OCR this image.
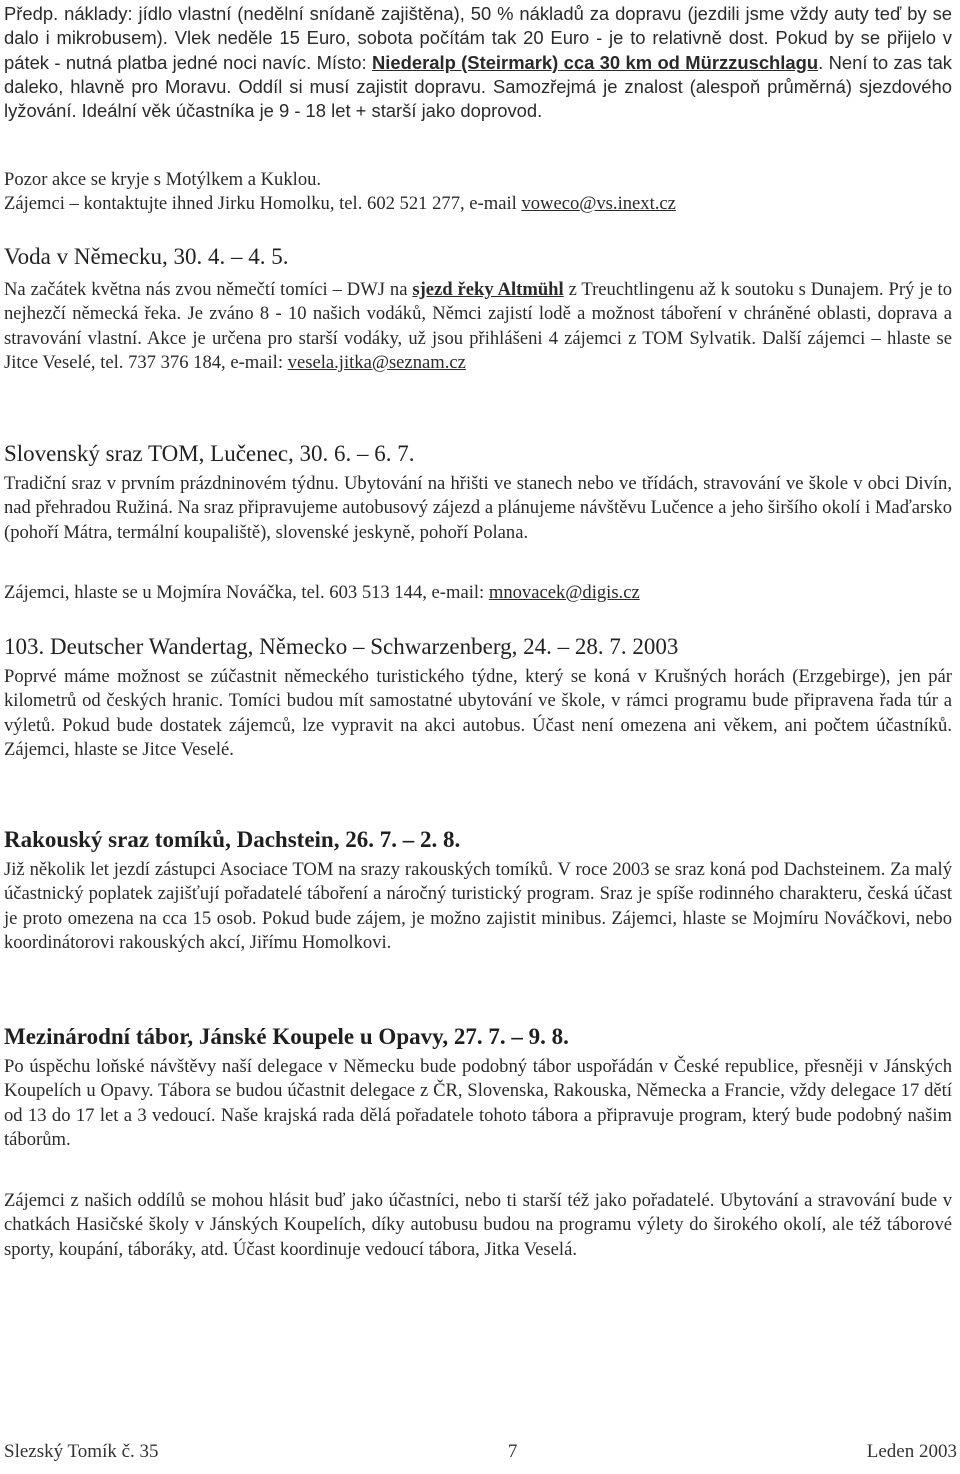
Předp. náklady: jídlo vlastní (nedělní snídaně zajištěna), 50 % nákladů za dopravu (jezdili jsme vždy auty teď by se dalo i mikrobusem). Vlek neděle 15 Euro, sobota počítám tak 20 Euro - je to relativně dost. Pokud by se přijelo v pátek - nutná platba jedné noci navíc. Místo: Niederalp (Steirmark) cca 30 km od Mürzzuschlagu. Není to zas tak daleko, hlavně pro Moravu. Oddíl si musí zajistit dopravu. Samozřejmá je znalost (alespoň průměrná) sjezdového lyžování. Ideální věk účastníka je 9 - 18 let + starší jako doprovod.

Pozor akce se kryje s Motýlkem a Kuklou.

Zájemci – kontaktujte ihned Jirku Homolku, tel. 602 521 277, e-mail voweco@vs.inext.cz

Voda v Německu, 30. 4. – 4. 5.

Na začátek května nás zvou němečtí tomíci – DWJ na sjezd řeky Altmühl z Treuchtlingenu až k soutoku s Dunajem. Prý je to nejhezčí německá řeka. Je zváno 8 - 10 našich vodáků, Němci zajistí lodě a možnost táboření v chráněné oblasti, doprava a stravování vlastní. Akce je určena pro starší vodáky, už jsou přihlášeni 4 zájemci z TOM Sylvatik. Další zájemci – hlaste se Jitce Veselé, tel. 737 376 184, e-mail: vesela.jitka@seznam.cz

Slovenský sraz TOM, Lučenec, 30. 6. – 6. 7.

Tradiční sraz v prvním prázdninovém týdnu. Ubytování na hřišti ve stanech nebo ve třídách, stravování ve škole v obci Divín, nad přehradou Ružiná. Na sraz připravujeme autobusový zájezd a plánujeme návštěvu Lučence a jeho širšího okolí i Maďarsko (pohoří Mátra, termální koupaliště), slovenské jeskyně, pohoří Polana.

Zájemci, hlaste se u Mojmíra Nováčka, tel. 603 513 144, e-mail: mnovacek@digis.cz

103. Deutscher Wandertag, Německo – Schwarzenberg, 24. – 28. 7. 2003

Poprvé máme možnost se zúčastnit německého turistického týdne, který se koná v Krušných horách (Erzgebirge), jen pár kilometrů od českých hranic. Tomíci budou mít samostatné ubytování ve škole, v rámci programu bude připravena řada túr a výletů. Pokud bude dostatek zájemců, lze vypravit na akci autobus. Účast není omezena ani věkem, ani počtem účastníků. Zájemci, hlaste se Jitce Veselé.

Rakouský sraz tomíků, Dachstein, 26. 7. – 2. 8.

Již několik let jezdí zástupci Asociace TOM na srazy rakouských tomíků. V roce 2003 se sraz koná pod Dachsteinem. Za malý účastnický poplatek zajišťují pořadatelé táboření a náročný turistický program. Sraz je spíše rodinného charakteru, česká účast je proto omezena na cca 15 osob. Pokud bude zájem, je možno zajistit minibus. Zájemci, hlaste se Mojmíru Nováčkovi, nebo koordinátorovi rakouských akcí, Jiřímu Homolkovi.

Mezinárodní tábor, Jánské Koupele u Opavy, 27. 7. – 9. 8.

Po úspěchu loňské návštěvy naší delegace v Německu bude podobný tábor uspořádán v České republice, přesněji v Jánských Koupelích u Opavy. Tábora se budou účastnit delegace z ČR, Slovenska, Rakouska, Německa a Francie, vždy delegace 17 dětí od 13 do 17 let a 3 vedoucí. Naše krajská rada dělá pořadatele tohoto tábora a připravuje program, který bude podobný našim táborům.

Zájemci z našich oddílů se mohou hlásit buď jako účastníci, nebo ti starší též jako pořadatelé. Ubytování a stravování bude v chatkách Hasičské školy v Jánských Koupelích, díky autobusu budou na programu výlety do širokého okolí, ale též táborové sporty, koupání, táboráky, atd. Účast koordinuje vedoucí tábora, Jitka Veselá.

Slezský Tomík č. 35	7	Leden 2003
